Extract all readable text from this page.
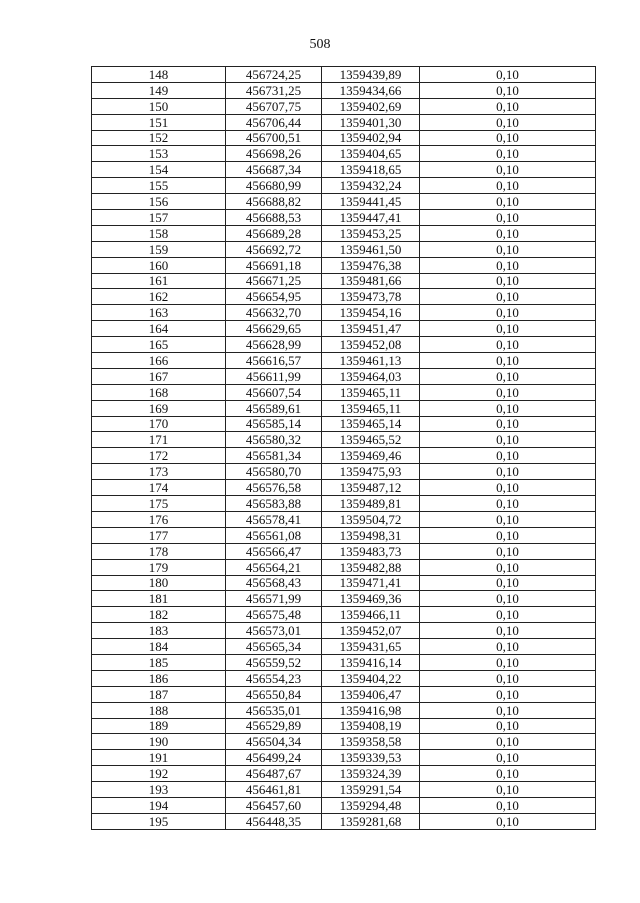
508
148	456724,25	1359439,89	0,10
149	456731,25	1359434,66	0,10
150	456707,75	1359402,69	0,10
151	456706,44	1359401,30	0,10
152	456700,51	1359402,94	0,10
153	456698,26	1359404,65	0,10
154	456687,34	1359418,65	0,10
155	456680,99	1359432,24	0,10
156	456688,82	1359441,45	0,10
157	456688,53	1359447,41	0,10
158	456689,28	1359453,25	0,10
159	456692,72	1359461,50	0,10
160	456691,18	1359476,38	0,10
161	456671,25	1359481,66	0,10
162	456654,95	1359473,78	0,10
163	456632,70	1359454,16	0,10
164	456629,65	1359451,47	0,10
165	456628,99	1359452,08	0,10
166	456616,57	1359461,13	0,10
167	456611,99	1359464,03	0,10
168	456607,54	1359465,11	0,10
169	456589,61	1359465,11	0,10
170	456585,14	1359465,14	0,10
171	456580,32	1359465,52	0,10
172	456581,34	1359469,46	0,10
173	456580,70	1359475,93	0,10
174	456576,58	1359487,12	0,10
175	456583,88	1359489,81	0,10
176	456578,41	1359504,72	0,10
177	456561,08	1359498,31	0,10
178	456566,47	1359483,73	0,10
179	456564,21	1359482,88	0,10
180	456568,43	1359471,41	0,10
181	456571,99	1359469,36	0,10
182	456575,48	1359466,11	0,10
183	456573,01	1359452,07	0,10
184	456565,34	1359431,65	0,10
185	456559,52	1359416,14	0,10
186	456554,23	1359404,22	0,10
187	456550,84	1359406,47	0,10
188	456535,01	1359416,98	0,10
189	456529,89	1359408,19	0,10
190	456504,34	1359358,58	0,10
191	456499,24	1359339,53	0,10
192	456487,67	1359324,39	0,10
193	456461,81	1359291,54	0,10
194	456457,60	1359294,48	0,10
195	456448,35	1359281,68	0,10
